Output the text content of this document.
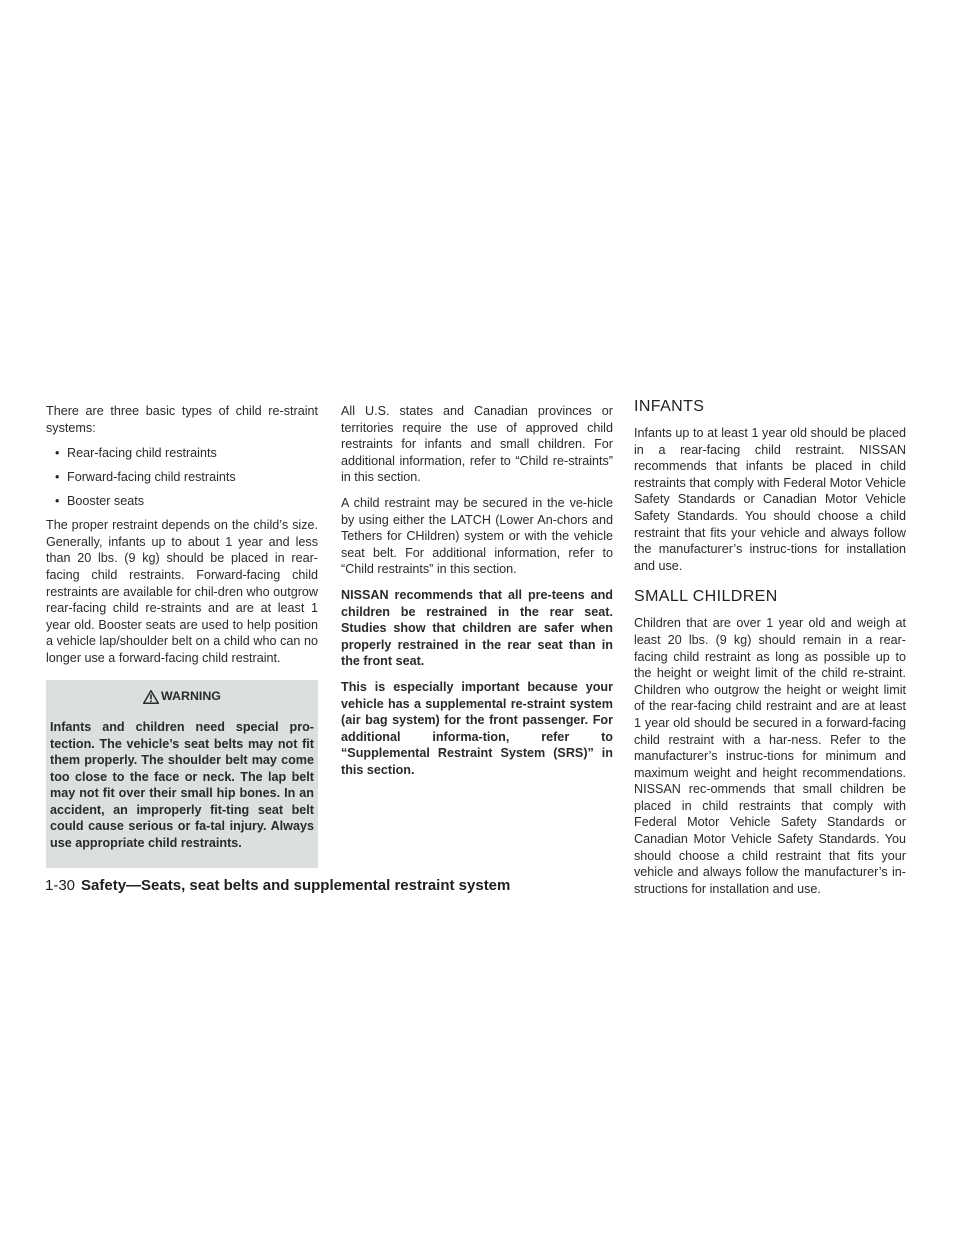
There are three basic types of child re-straint systems:

• Rear-facing child restraints
• Forward-facing child restraints
• Booster seats

The proper restraint depends on the child’s size. Generally, infants up to about 1 year and less than 20 lbs. (9 kg) should be placed in rear-facing child restraints. Forward-facing child restraints are available for chil-dren who outgrow rear-facing child re-straints and are at least 1 year old. Booster seats are used to help position a vehicle lap/shoulder belt on a child who can no longer use a forward-facing child restraint.

WARNING

Infants and children need special pro-tection. The vehicle’s seat belts may not fit them properly. The shoulder belt may come too close to the face or neck. The lap belt may not fit over their small hip bones. In an accident, an improperly fit-ting seat belt could cause serious or fa-tal injury. Always use appropriate child restraints.

All U.S. states and Canadian provinces or territories require the use of approved child restraints for infants and small children. For additional information, refer to “Child re-straints” in this section.

A child restraint may be secured in the ve-hicle by using either the LATCH (Lower An-chors and Tethers for CHildren) system or with the vehicle seat belt. For additional information, refer to “Child restraints” in this section.

NISSAN recommends that all pre-teens and children be restrained in the rear seat. Studies show that children are safer when properly restrained in the rear seat than in the front seat.

This is especially important because your vehicle has a supplemental re-straint system (air bag system) for the front passenger. For additional informa-tion, refer to “Supplemental Restraint System (SRS)” in this section.

INFANTS

Infants up to at least 1 year old should be placed in a rear-facing child restraint. NISSAN recommends that infants be placed in child restraints that comply with Federal Motor Vehicle Safety Standards or Canadian Motor Vehicle Safety Standards. You should choose a child restraint that fits your vehicle and always follow the manufacturer’s instruc-tions for installation and use.

SMALL CHILDREN

Children that are over 1 year old and weigh at least 20 lbs. (9 kg) should remain in a rear-facing child restraint as long as possible up to the height or weight limit of the child re-straint. Children who outgrow the height or weight limit of the rear-facing child restraint and are at least 1 year old should be secured in a forward-facing child restraint with a har-ness. Refer to the manufacturer’s instruc-tions for minimum and maximum weight and height recommendations. NISSAN rec-ommends that small children be placed in child restraints that comply with Federal Motor Vehicle Safety Standards or Canadian Motor Vehicle Safety Standards. You should choose a child restraint that fits your vehicle and always follow the manufacturer’s in-structions for installation and use.

1-30 Safety—Seats, seat belts and supplemental restraint system
